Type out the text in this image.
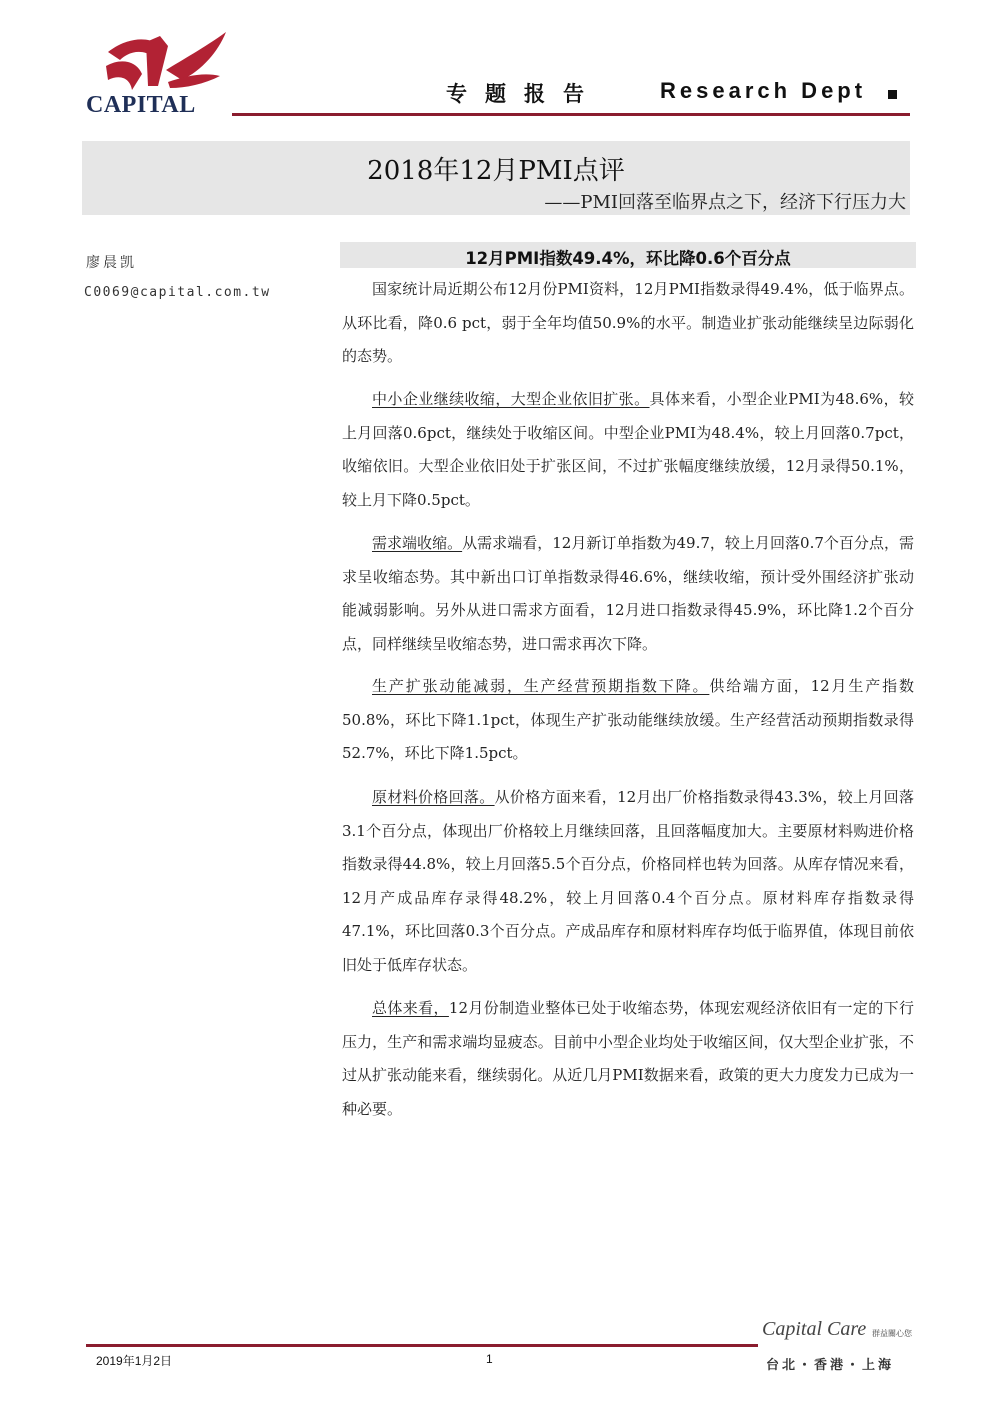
CAPITAL	专题报告	Research Dept
2018年12月PMI点评
——PMI回落至临界点之下，经济下行压力大
廖晨凯
C0069@capital.com.tw
12月PMI指数49.4%，环比降0.6个百分点
国家统计局近期公布12月份PMI资料，12月PMI指数录得49.4%，低于临界点。从环比看，降0.6 pct，弱于全年均值50.9%的水平。制造业扩张动能继续呈边际弱化的态势。
中小企业继续收缩，大型企业依旧扩张。具体来看，小型企业PMI为48.6%，较上月回落0.6pct，继续处于收缩区间。中型企业PMI为48.4%，较上月回落0.7pct，收缩依旧。大型企业依旧处于扩张区间，不过扩张幅度继续放缓，12月录得50.1%，较上月下降0.5pct。
需求端收缩。从需求端看，12月新订单指数为49.7，较上月回落0.7个百分点，需求呈收缩态势。其中新出口订单指数录得46.6%，继续收缩，预计受外围经济扩张动能减弱影响。另外从进口需求方面看，12月进口指数录得45.9%，环比降1.2个百分点，同样继续呈收缩态势，进口需求再次下降。
生产扩张动能减弱，生产经营预期指数下降。供给端方面，12月生产指数50.8%，环比下降1.1pct，体现生产扩张动能继续放缓。生产经营活动预期指数录得52.7%，环比下降1.5pct。
原材料价格回落。从价格方面来看，12月出厂价格指数录得43.3%，较上月回落3.1个百分点，体现出厂价格较上月继续回落，且回落幅度加大。主要原材料购进价格指数录得44.8%，较上月回落5.5个百分点，价格同样也转为回落。从库存情况来看，12月产成品库存录得48.2%，较上月回落0.4个百分点。原材料库存指数录得47.1%，环比回落0.3个百分点。产成品库存和原材料库存均低于临界值，体现目前依旧处于低库存状态。
总体来看，12月份制造业整体已处于收缩态势，体现宏观经济依旧有一定的下行压力，生产和需求端均显疲态。目前中小型企业均处于收缩区间，仅大型企业扩张，不过从扩张动能来看，继续弱化。从近几月PMI数据来看，政策的更大力度发力已成为一种必要。
2019年1月2日	1
Capital Care 群益關心您
台北・香港・上海
